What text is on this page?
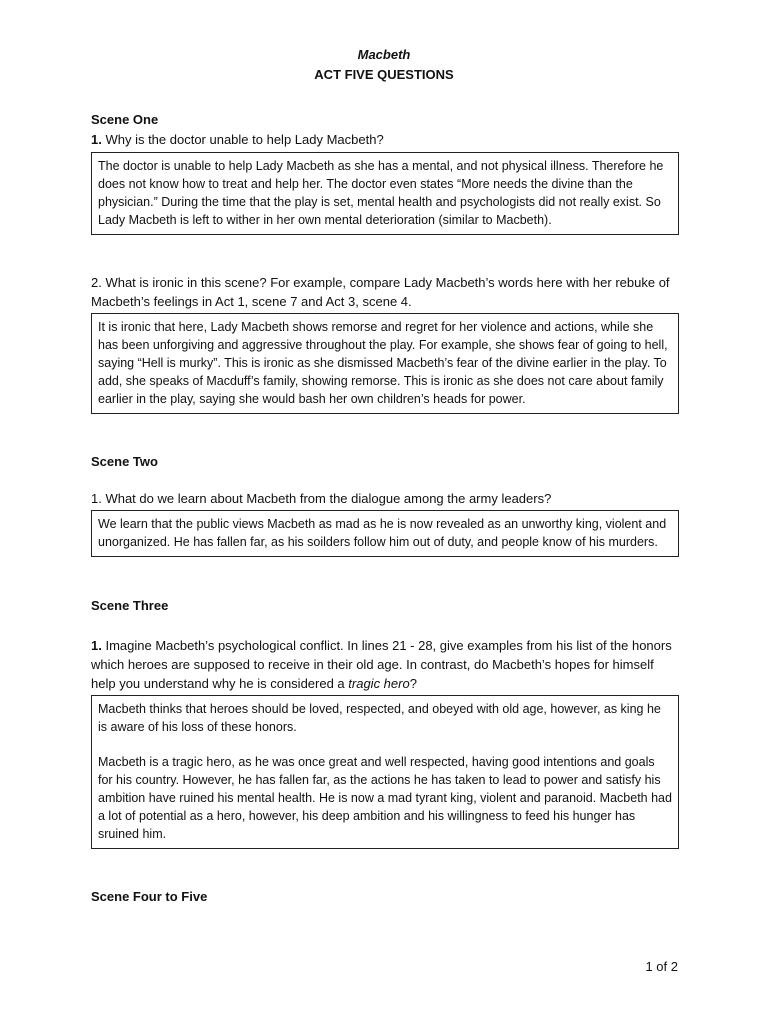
Macbeth
ACT FIVE QUESTIONS
Scene One
1. Why is the doctor unable to help Lady Macbeth?

The doctor is unable to help Lady Macbeth as she has a mental, and not physical illness. Therefore he does not know how to treat and help her. The doctor even states “More needs the divine than the physician.” During the time that the play is set, mental health and psychologists did not really exist. So Lady Macbeth is left to wither in her own mental deterioration (similar to Macbeth).

2. What is ironic in this scene? For example, compare Lady Macbeth’s words here with her rebuke of Macbeth’s feelings in Act 1, scene 7 and Act 3, scene 4.

It is ironic that here, Lady Macbeth shows remorse and regret for her violence and actions, while she has been unforgiving and aggressive throughout the play. For example, she shows fear of going to hell, saying “Hell is murky”. This is ironic as she dismissed Macbeth’s fear of the divine earlier in the play. To add, she speaks of Macduff’s family, showing remorse. This is ironic as she does not care about family earlier in the play, saying she would bash her own children’s heads for power.

Scene Two
1. What do we learn about Macbeth from the dialogue among the army leaders?

We learn that the public views Macbeth as mad as he is now revealed as an unworthy king, violent and unorganized. He has fallen far, as his soilders follow him out of duty, and people know of his murders.

Scene Three
1. Imagine Macbeth’s psychological conflict. In lines 21 - 28, give examples from his list of the honors which heroes are supposed to receive in their old age. In contrast, do Macbeth’s hopes for himself help you understand why he is considered a tragic hero?

Macbeth thinks that heroes should be loved, respected, and obeyed with old age, however, as king he is aware of his loss of these honors.

Macbeth is a tragic hero, as he was once great and well respected, having good intentions and goals for his country. However, he has fallen far, as the actions he has taken to lead to power and satisfy his ambition have ruined his mental health. He is now a mad tyrant king, violent and paranoid. Macbeth had a lot of potential as a hero, however, his deep ambition and his willingness to feed his hunger has sruined him.

Scene Four to Five
1 of 2
